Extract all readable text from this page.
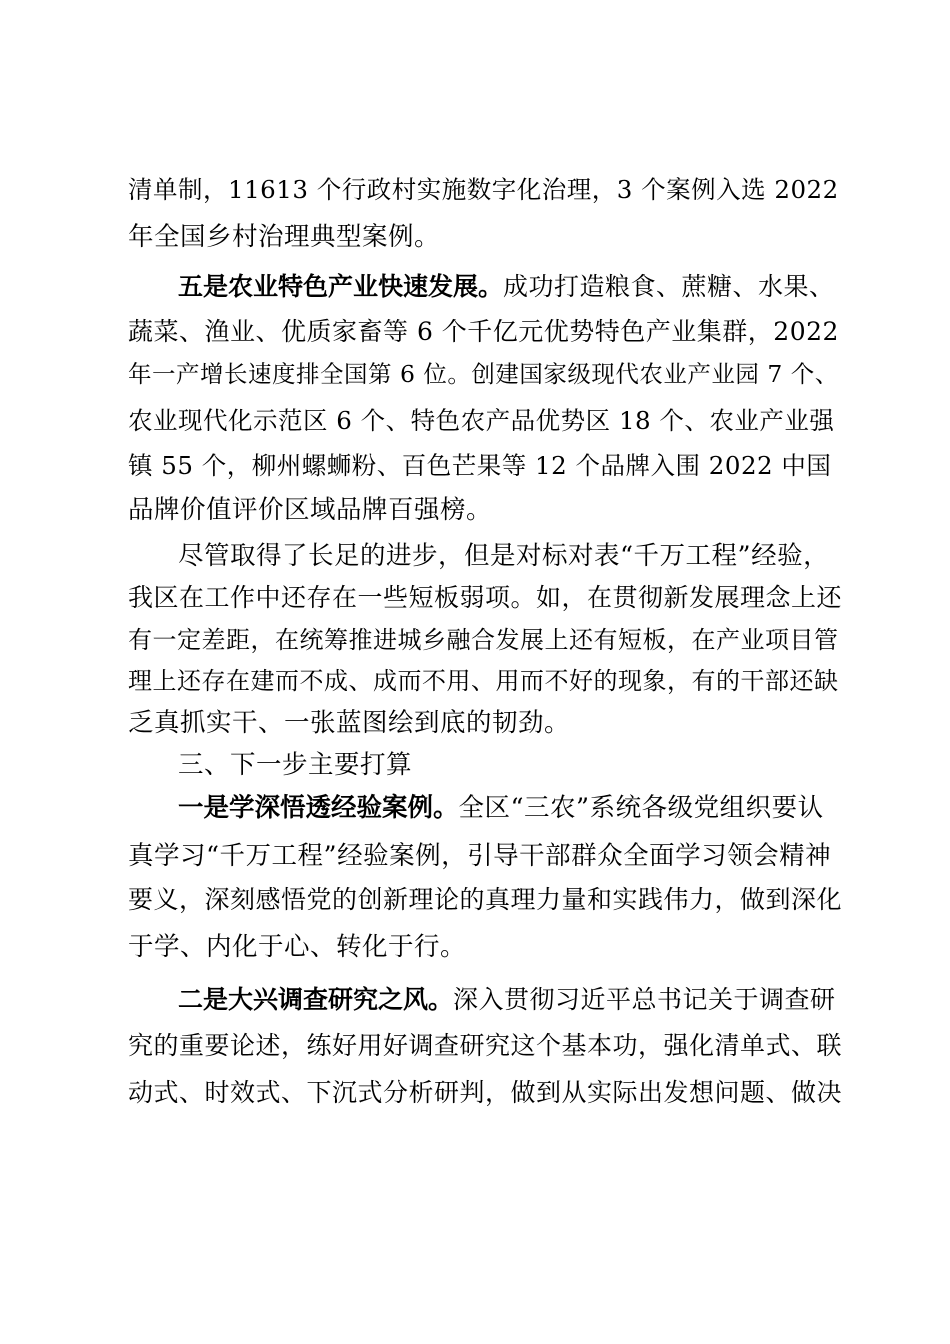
清单制，11613 个行政村实施数字化治理，3 个案例入选 2022
年全国乡村治理典型案例。
五是农业特色产业快速发展。成功打造粮食、蔗糖、水果、
蔬菜、渔业、优质家畜等 6 个千亿元优势特色产业集群，2022
年一产增长速度排全国第 6 位。创建国家级现代农业产业园 7 个、
农业现代化示范区 6 个、特色农产品优势区 18 个、农业产业强
镇 55 个，柳州螺蛳粉、百色芒果等 12 个品牌入围 2022 中国
品牌价值评价区域品牌百强榜。
尽管取得了长足的进步，但是对标对表“千万工程”经验，
我区在工作中还存在一些短板弱项。如，在贯彻新发展理念上还
有一定差距，在统筹推进城乡融合发展上还有短板，在产业项目管
理上还存在建而不成、成而不用、用而不好的现象，有的干部还缺
乏真抓实干、一张蓝图绘到底的韧劲。
三、下一步主要打算
一是学深悟透经验案例。全区“三农”系统各级党组织要认
真学习“千万工程”经验案例，引导干部群众全面学习领会精神
要义，深刻感悟党的创新理论的真理力量和实践伟力，做到深化
于学、内化于心、转化于行。
二是大兴调查研究之风。深入贯彻习近平总书记关于调查研
究的重要论述，练好用好调查研究这个基本功，强化清单式、联
动式、时效式、下沉式分析研判，做到从实际出发想问题、做决
